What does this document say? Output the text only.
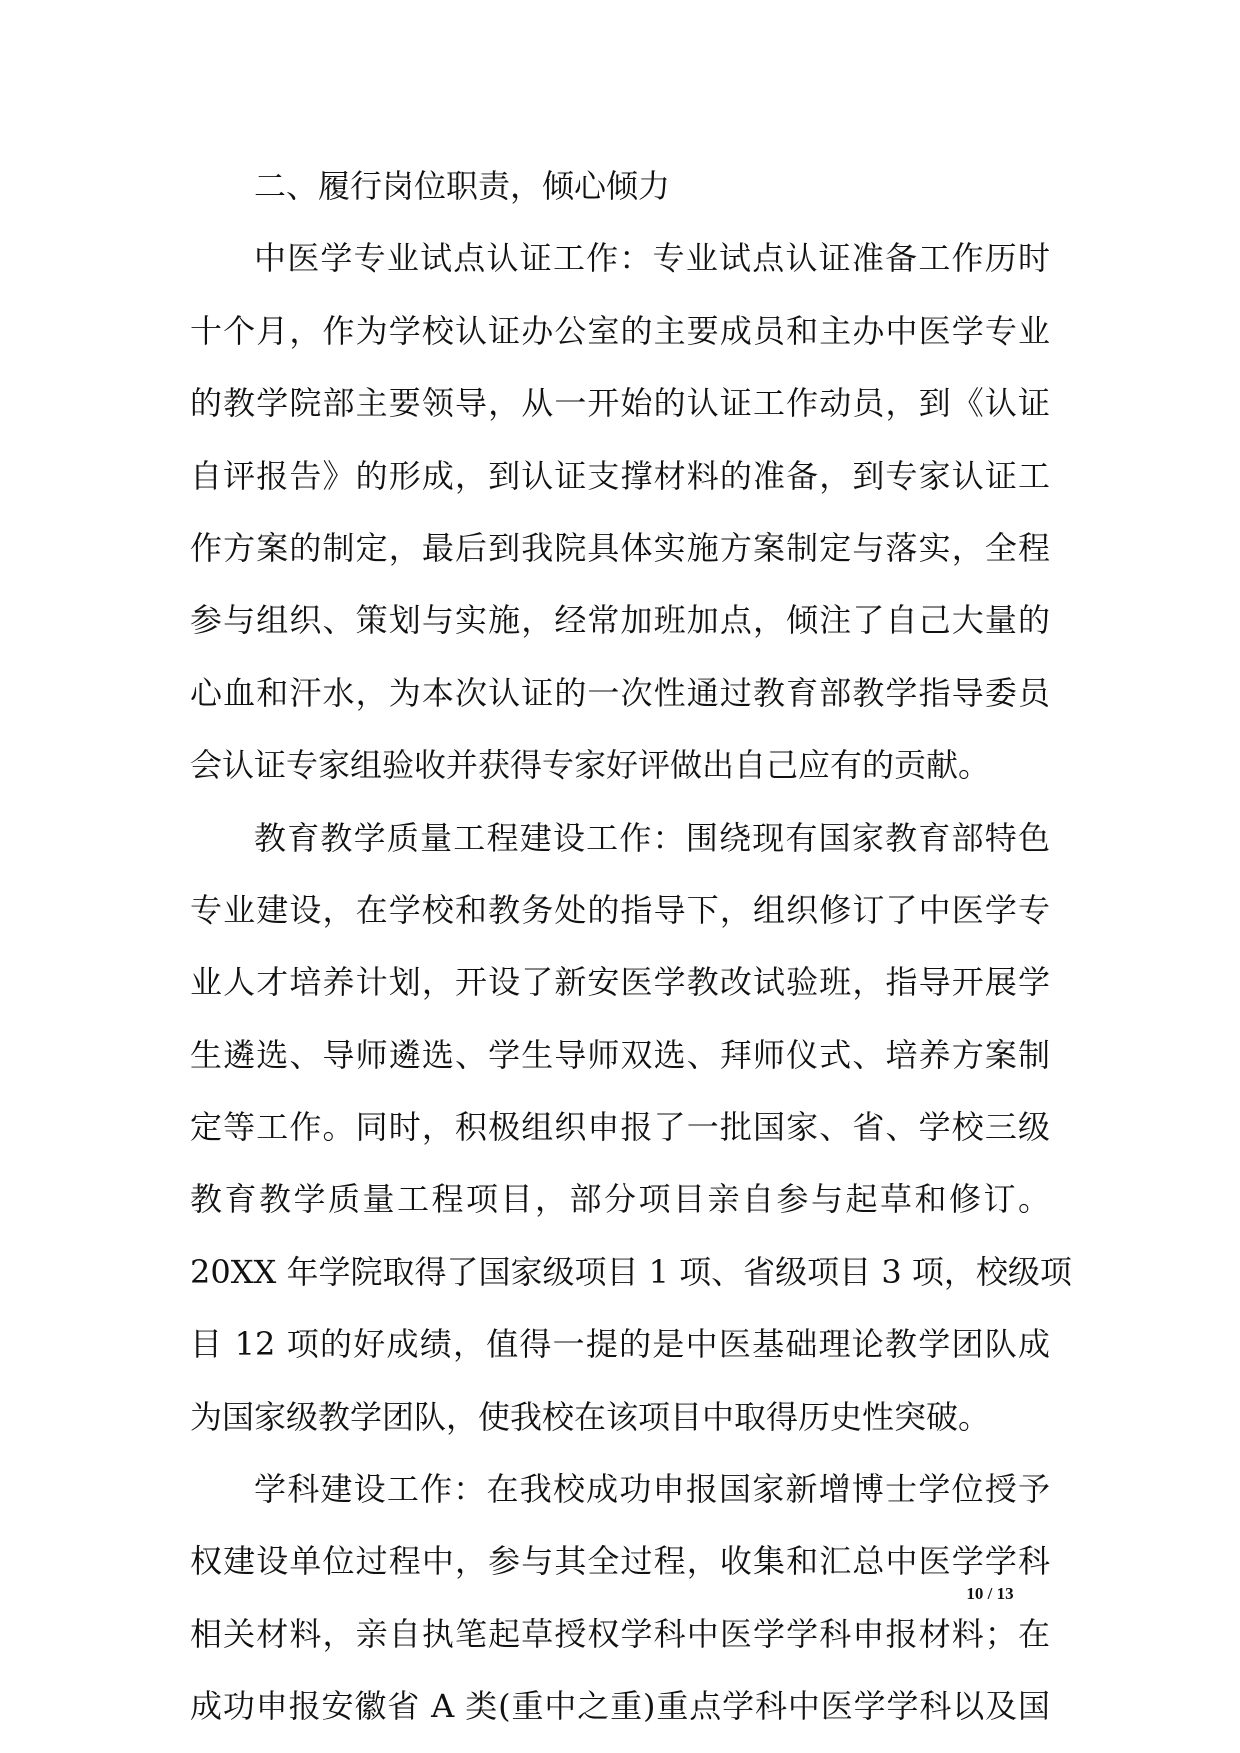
二、履行岗位职责，倾心倾力
中医学专业试点认证工作：专业试点认证准备工作历时
十个月，作为学校认证办公室的主要成员和主办中医学专业
的教学院部主要领导，从一开始的认证工作动员，到《认证
自评报告》的形成，到认证支撑材料的准备，到专家认证工
作方案的制定，最后到我院具体实施方案制定与落实，全程
参与组织、策划与实施，经常加班加点，倾注了自己大量的
心血和汗水，为本次认证的一次性通过教育部教学指导委员
会认证专家组验收并获得专家好评做出自己应有的贡献。
教育教学质量工程建设工作：围绕现有国家教育部特色
专业建设，在学校和教务处的指导下，组织修订了中医学专
业人才培养计划，开设了新安医学教改试验班，指导开展学
生遴选、导师遴选、学生导师双选、拜师仪式、培养方案制
定等工作。同时，积极组织申报了一批国家、省、学校三级
教育教学质量工程项目，部分项目亲自参与起草和修订。
20XX 年学院取得了国家级项目 1 项、省级项目 3 项，校级项
目 12 项的好成绩，值得一提的是中医基础理论教学团队成
为国家级教学团队，使我校在该项目中取得历史性突破。
学科建设工作：在我校成功申报国家新增博士学位授予
权建设单位过程中，参与其全过程，收集和汇总中医学学科
相关材料，亲自执笔起草授权学科中医学学科申报材料；在
成功申报安徽省 A 类(重中之重)重点学科中医学学科以及国
10 / 13
